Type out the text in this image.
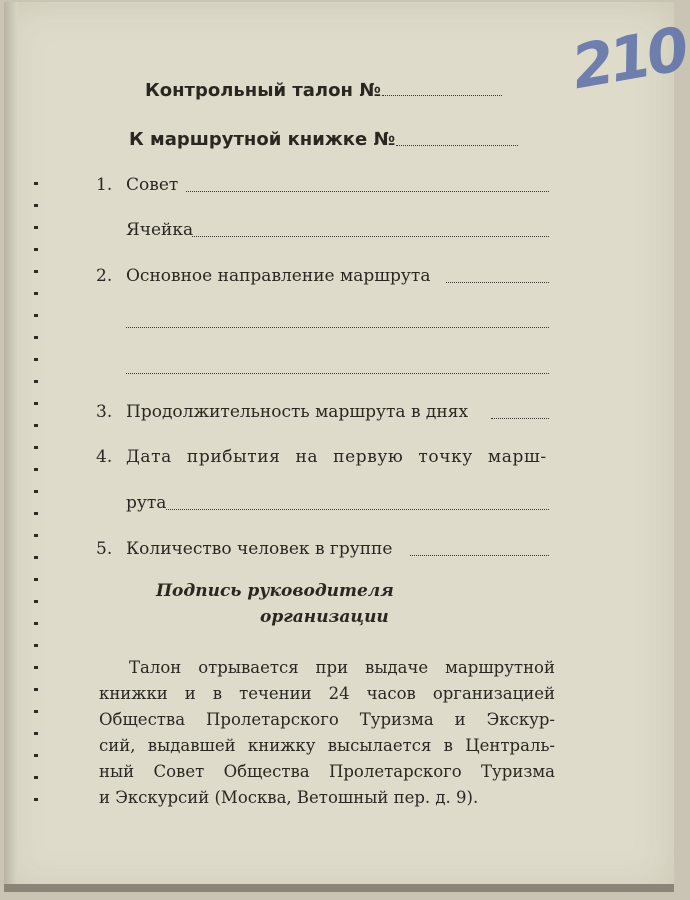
210
Контрольный талон №
К маршрутной книжке №
1. Совет
Ячейка
2. Основное направление маршрута
3. Продолжительность маршрута в днях
4. Дата прибытия на первую точку марш-
рута
5. Количество человек в группе
Подпись руководителя
организации
Талон отрывается при выдаче маршрутной
книжки и в течении 24 часов организацией
Общества Пролетарского Туризма и Экскур-
сий, выдавшей книжку высылается в Централь-
ный Совет Общества Пролетарского Туризма
и Экскурсий (Москва, Ветошный пер. д. 9).
